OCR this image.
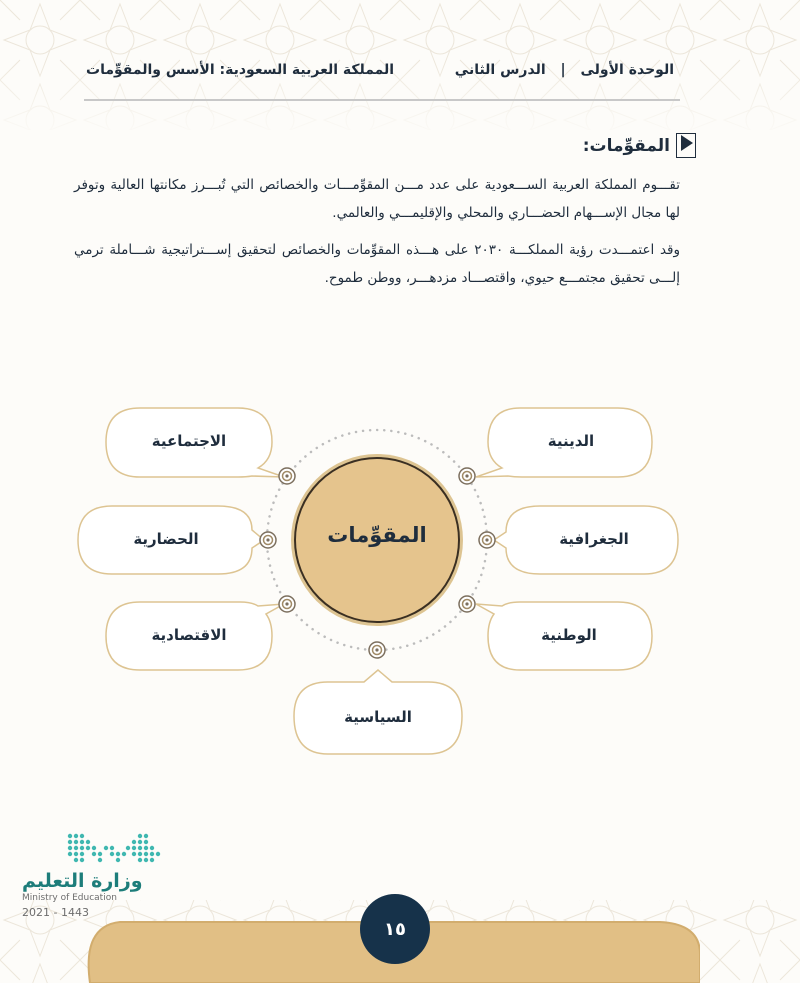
الوحدة الأولى | الدرس الثاني
المملكة العربية السعودية: الأسس والمقوِّمات
المقوِّمات:
تقـــوم المملكة العربية الســـعودية على عدد مـــن المقوِّمـــات والخصائص التي تُبـــرز مكانتها العالية وتوفر لها مجال الإســـهام الحضـــاري والمحلي والإقليمـــي والعالمي.
وقد اعتمـــدت رؤية المملكـــة ٢٠٣٠ على هـــذه المقوِّمات والخصائص لتحقيق إســـتراتيجية شـــاملة ترمي إلـــى تحقيق مجتمـــع حيوي، واقتصـــاد مزدهـــر، ووطن طموح.
المقوِّمات
الاجتماعية	الدينية
الحضارية	الجغرافية
الاقتصادية	الوطنية
السياسية
وزارة التعليم
Ministry of Education
2021 - 1443
١٥
